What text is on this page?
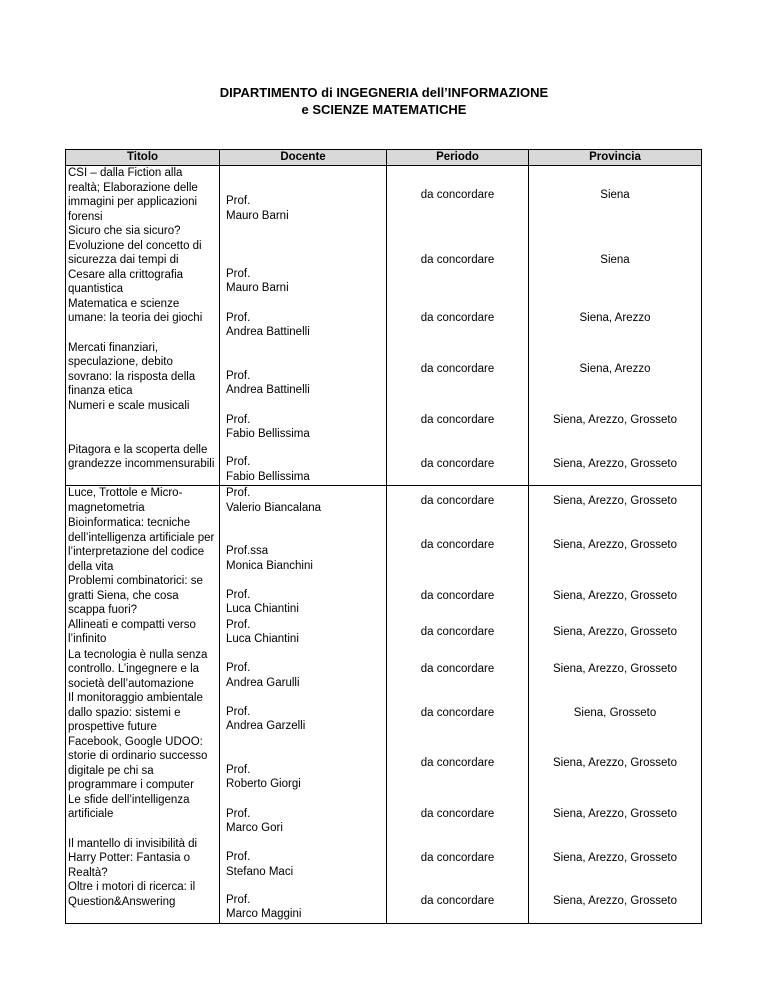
DIPARTIMENTO di INGEGNERIA dell’INFORMAZIONE
e SCIENZE MATEMATICHE
Titolo	Docente	Periodo	Provincia
CSI – dalla Fiction alla realtà; Elaborazione delle immagini per applicazioni forensi	Prof.
Mauro Barni	da concordare	Siena
Sicuro che sia sicuro? Evoluzione del concetto di sicurezza dai tempi di Cesare alla crittografia quantistica	Prof.
Mauro Barni	da concordare	Siena
Matematica e scienze umane: la teoria dei giochi	Prof.
Andrea Battinelli	da concordare	Siena, Arezzo
Mercati finanziari, speculazione, debito sovrano: la risposta della finanza etica	Prof.
Andrea Battinelli	da concordare	Siena, Arezzo
Numeri e scale musicali	Prof.
Fabio Bellissima	da concordare	Siena, Arezzo, Grosseto
Pitagora e la scoperta delle grandezze incommensurabili	Prof.
Fabio Bellissima	da concordare	Siena, Arezzo, Grosseto
Luce, Trottole e Micro-magnetometria	Prof.
Valerio Biancalana	da concordare	Siena, Arezzo, Grosseto
Bioinformatica: tecniche dell’intelligenza artificiale per l’interpretazione del codice della vita	Prof.ssa
Monica Bianchini	da concordare	Siena, Arezzo, Grosseto
Problemi combinatorici: se gratti Siena, che cosa scappa fuori?	Prof.
Luca Chiantini	da concordare	Siena, Arezzo, Grosseto
Allineati e compatti verso l’infinito	Prof.
Luca Chiantini	da concordare	Siena, Arezzo, Grosseto
La tecnologia è nulla senza controllo. L’ingegnere e la società dell’automazione	Prof.
Andrea Garulli	da concordare	Siena, Arezzo, Grosseto
Il monitoraggio ambientale dallo spazio: sistemi e prospettive future	Prof.
Andrea Garzelli	da concordare	Siena, Grosseto
Facebook, Google UDOO: storie di ordinario successo digitale pe chi sa programmare i computer	Prof.
Roberto Giorgi	da concordare	Siena, Arezzo, Grosseto
Le sfide dell’intelligenza artificiale	Prof.
Marco Gori	da concordare	Siena, Arezzo, Grosseto
Il mantello di invisibilità di Harry Potter: Fantasia o Realtà?	Prof.
Stefano Maci	da concordare	Siena, Arezzo, Grosseto
Oltre i motori di ricerca: il Question&Answering	Prof.
Marco Maggini	da concordare	Siena, Arezzo, Grosseto
